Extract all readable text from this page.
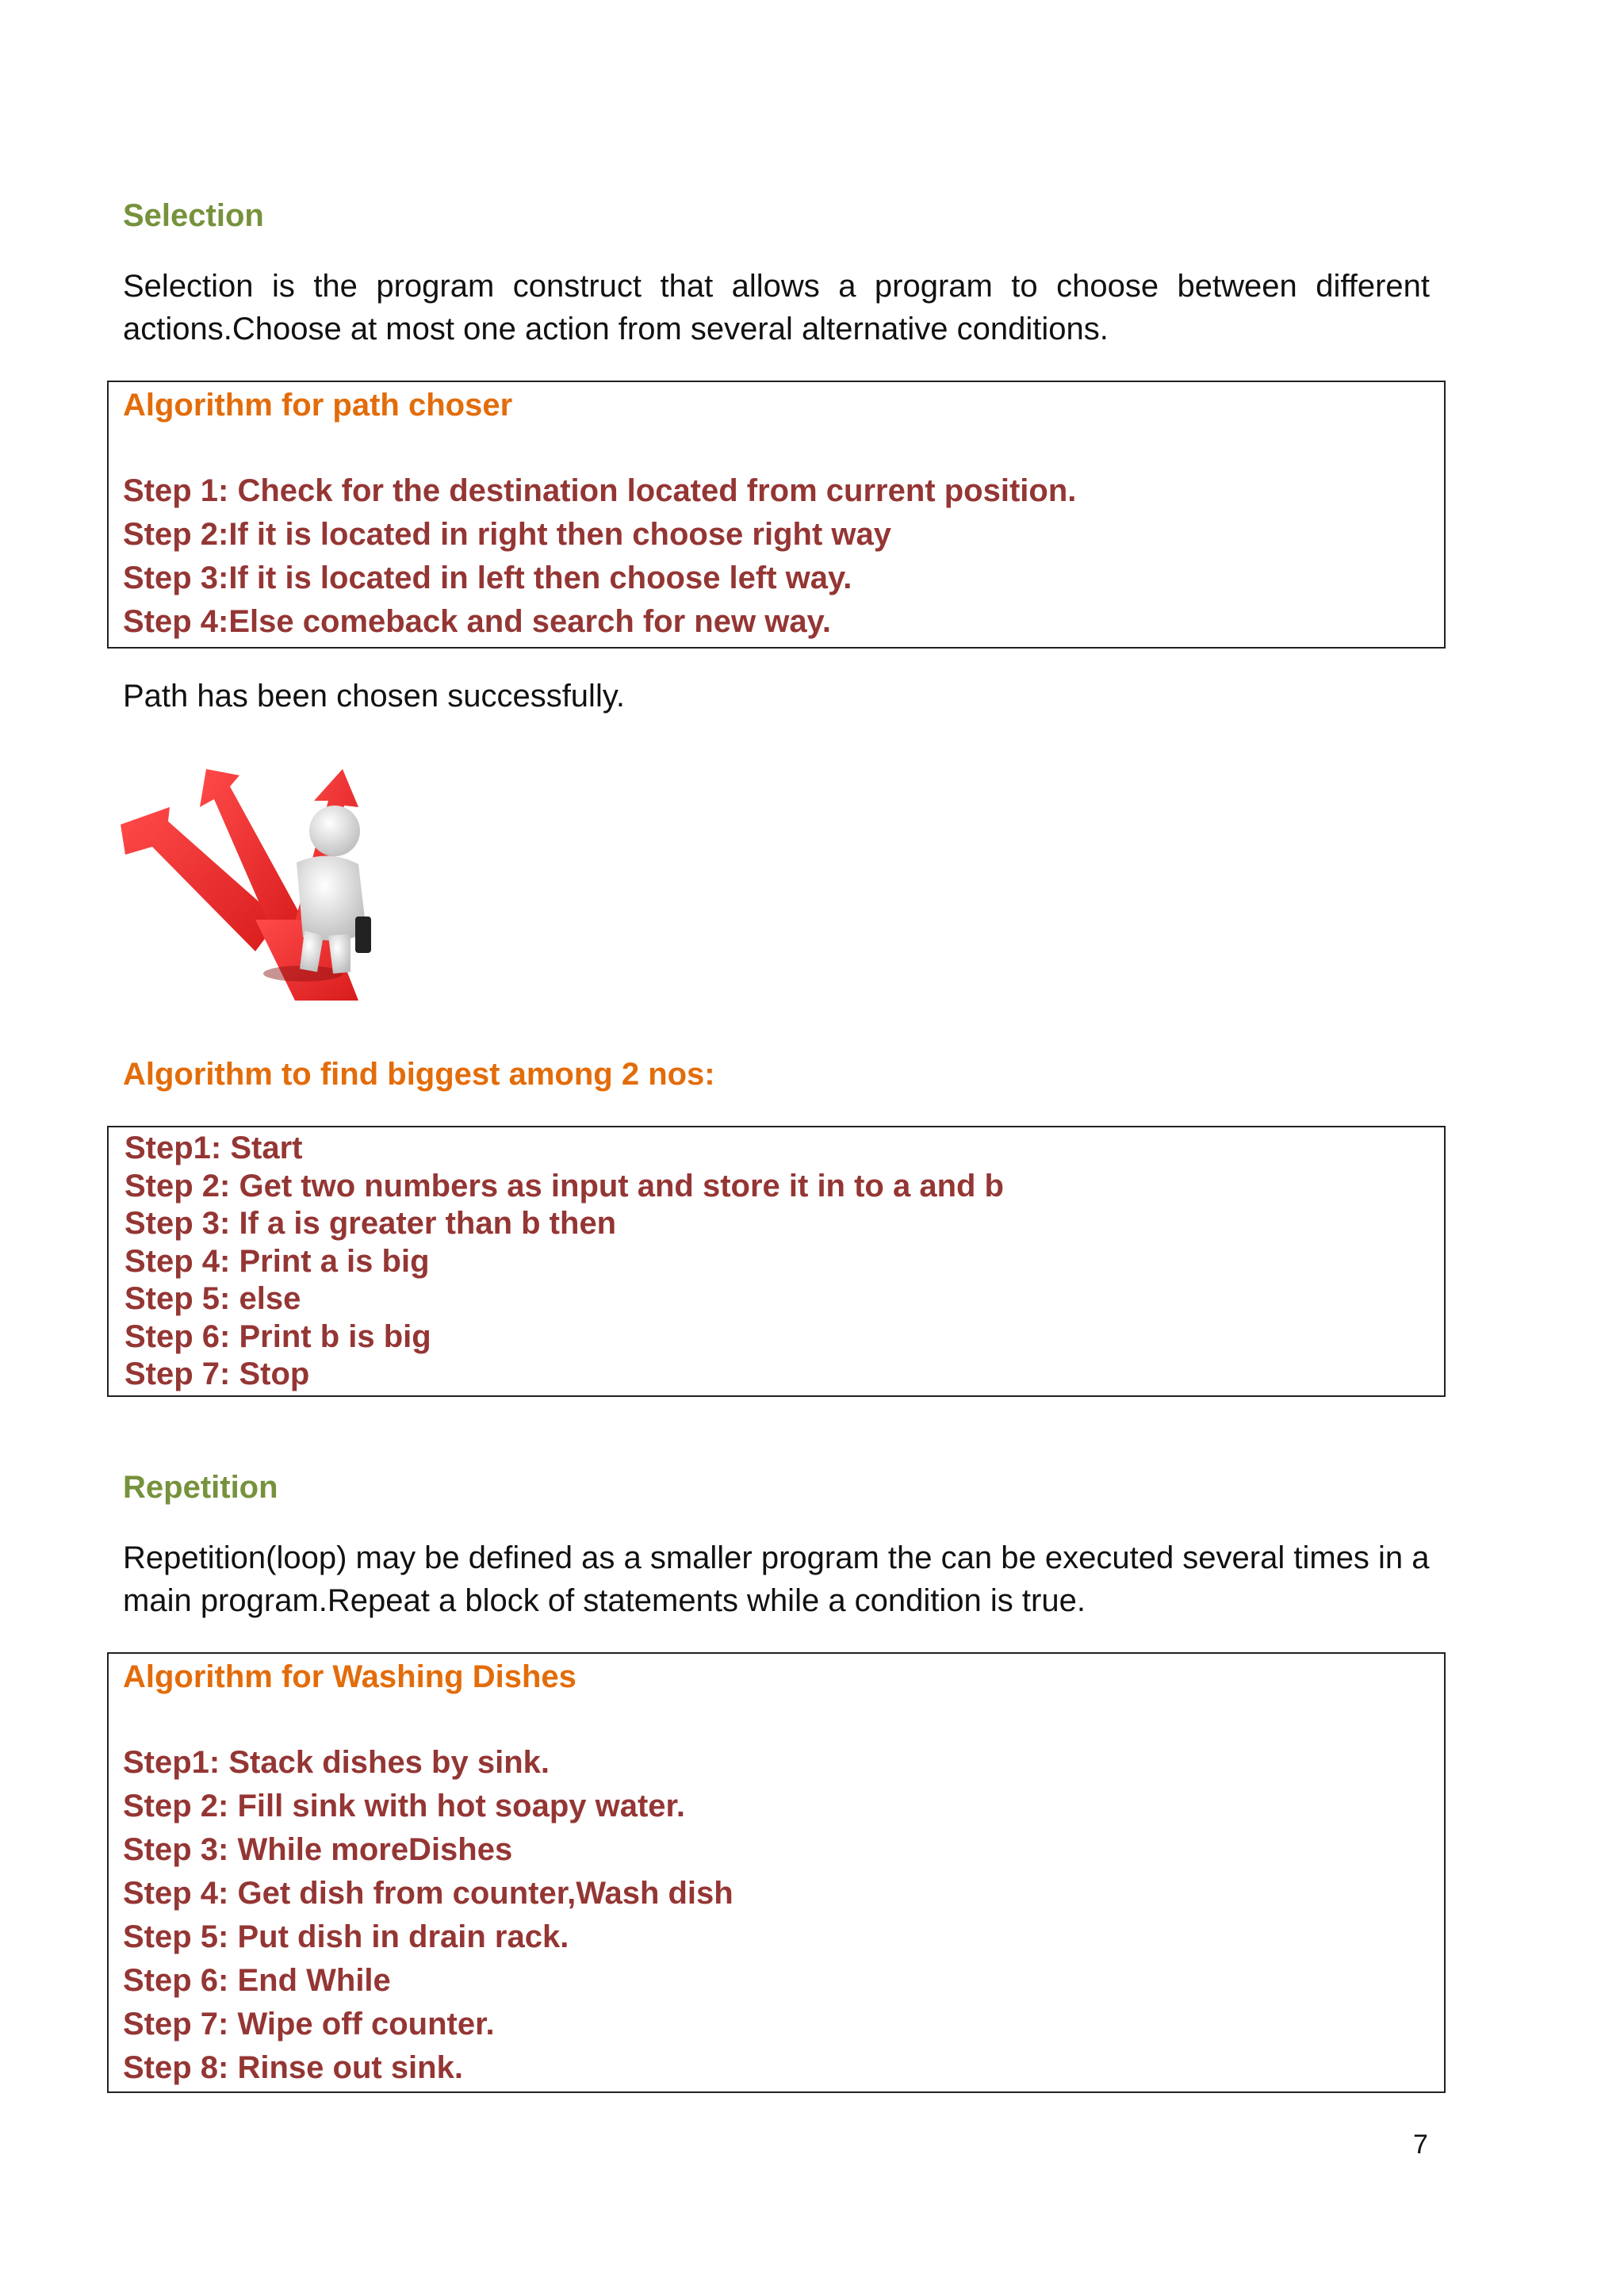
Selection
Selection is the program construct that allows a program to choose between different actions.Choose at most one action from several alternative conditions.
Algorithm for path choser
Step 1: Check for the destination located from current position.
Step 2:If it is located in right then choose right way
Step 3:If it is located in left then choose left way.
Step 4:Else comeback and search for new way.
Path has been chosen successfully.
Algorithm to find biggest among 2 nos:
Step1: Start
Step 2: Get two numbers as input and store it in to a and b
Step 3: If a is greater than b then
Step 4: Print a is big
Step 5: else
Step 6: Print b is big
Step 7: Stop
Repetition
Repetition(loop) may be defined as a smaller program the can be executed several times in a main program.Repeat a block of statements while a condition is true.
Algorithm for Washing Dishes
Step1: Stack dishes by sink.
Step 2: Fill sink with hot soapy water.
Step 3: While moreDishes
Step 4: Get dish from counter,Wash dish
Step 5: Put dish in drain rack.
Step 6: End While
Step 7: Wipe off counter.
Step 8: Rinse out sink.
7
